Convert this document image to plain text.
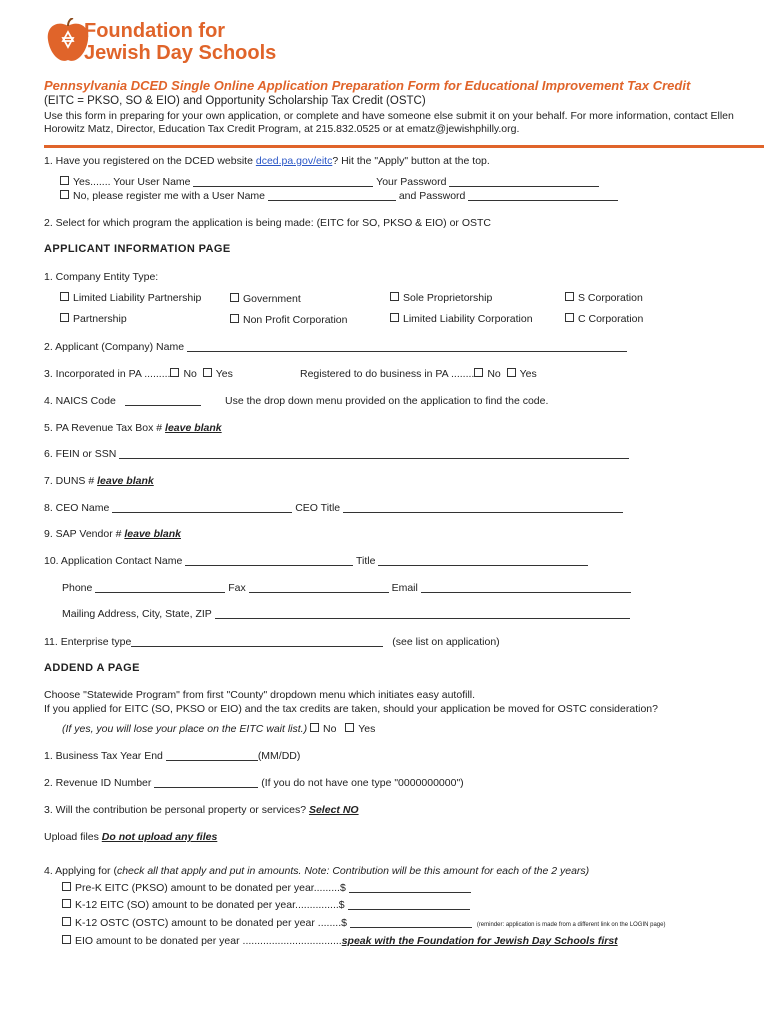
Foundation for
Jewish Day Schools
Pennsylvania DCED Single Online Application Preparation Form for Educational Improvement Tax Credit
(EITC = PKSO, SO & EIO) and Opportunity Scholarship Tax Credit (OSTC)
Use this form in preparing for your own application, or complete and have someone else submit it on your behalf. For more information, contact Ellen Horowitz Matz, Director, Education Tax Credit Program, at 215.832.0525 or at ematz@jewishphilly.org.
1. Have you registered on the DCED website dced.pa.gov/eitc? Hit the "Apply" button at the top.
Yes....... Your User Name	Your Password
No, please register me with a User Name	and Password
2. Select for which program the application is being made: (EITC for SO, PKSO & EIO) or OSTC
APPLICANT INFORMATION PAGE
1. Company Entity Type:
Limited Liability Partnership	Government	Sole Proprietorship	S Corporation
Partnership	Non Profit Corporation	Limited Liability Corporation	C Corporation
2. Applicant (Company) Name
3. Incorporated in PA ......... No Yes	Registered to do business in PA ........ No Yes
4. NAICS Code	Use the drop down menu provided on the application to find the code.
5. PA Revenue Tax Box # leave blank
6. FEIN or SSN
7. DUNS # leave blank
8. CEO Name	CEO Title
9. SAP Vendor # leave blank
10. Application Contact Name	Title
Phone	Fax	Email
Mailing Address, City, State, ZIP
11. Enterprise type	(see list on application)
ADDEND A PAGE
Choose "Statewide Program" from first "County" dropdown menu which initiates easy autofill.
If you applied for EITC (SO, PKSO or EIO) and the tax credits are taken, should your application be moved for OSTC consideration?
(If yes, you will lose your place on the EITC wait list.) No Yes
1. Business Tax Year End	(MM/DD)
2. Revenue ID Number	(If you do not have one type "0000000000")
3. Will the contribution be personal property or services? Select NO
Upload files Do not upload any files
4. Applying for (check all that apply and put in amounts. Note: Contribution will be this amount for each of the 2 years)
Pre-K EITC (PKSO) amount to be donated per year.........$
K-12 EITC (SO) amount to be donated per year...............$
K-12 OSTC (OSTC) amount to be donated per year ........$	(reminder: application is made from a different link on the LOGIN page)
EIO amount to be donated per year ..................................speak with the Foundation for Jewish Day Schools first
